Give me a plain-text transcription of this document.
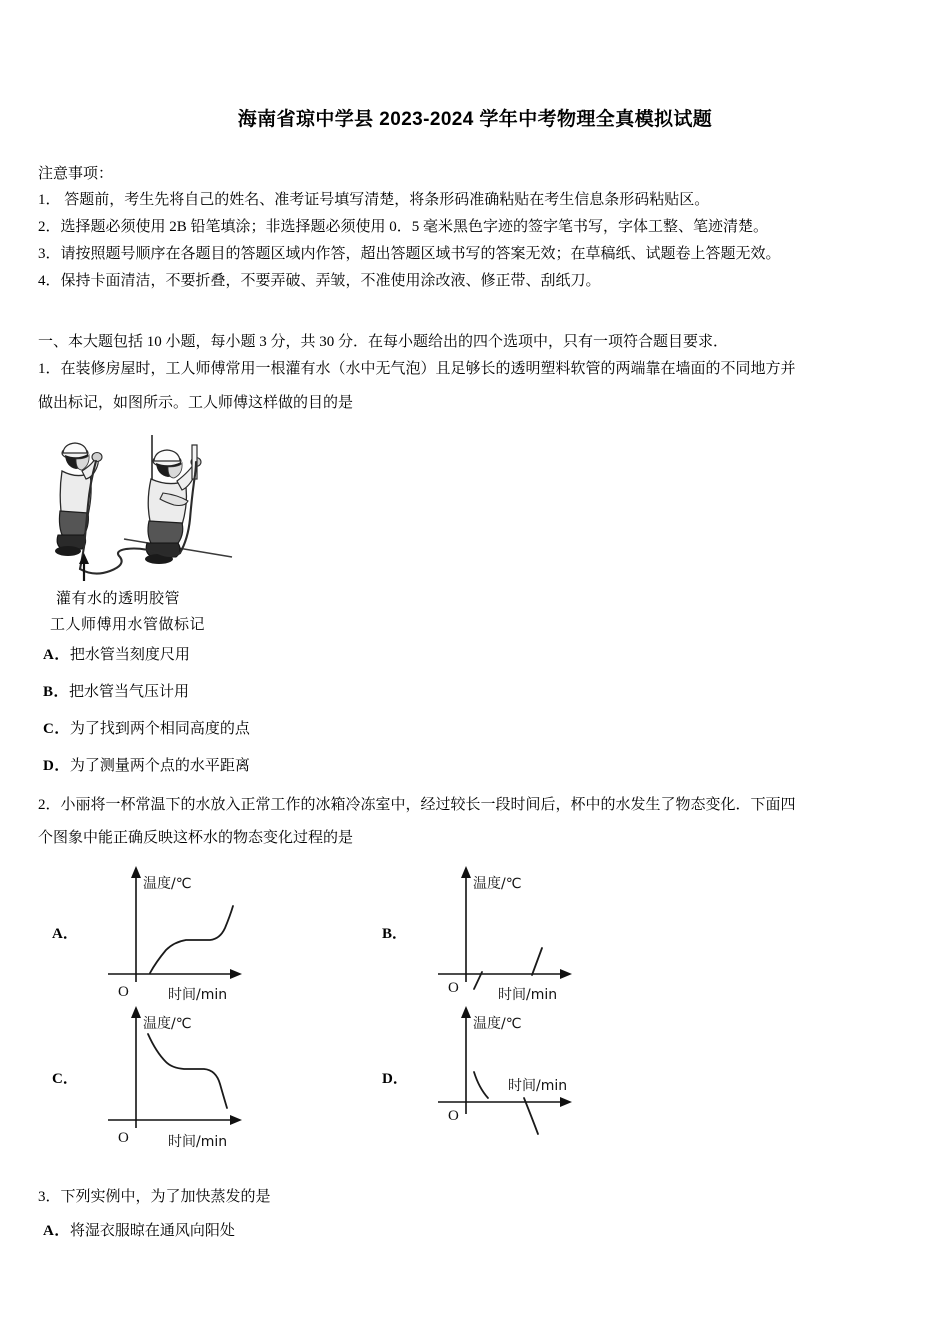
海南省琼中学县 2023-2024 学年中考物理全真模拟试题
注意事项：
1． 答题前，考生先将自己的姓名、准考证号填写清楚，将条形码准确粘贴在考生信息条形码粘贴区。
2．选择题必须使用 2B 铅笔填涂；非选择题必须使用 0．5 毫米黑色字迹的签字笔书写，字体工整、笔迹清楚。
3．请按照题号顺序在各题目的答题区域内作答，超出答题区域书写的答案无效；在草稿纸、试题卷上答题无效。
4．保持卡面清洁，不要折叠，不要弄破、弄皱，不准使用涂改液、修正带、刮纸刀。
一、本大题包括 10 小题，每小题 3 分，共 30 分．在每小题给出的四个选项中，只有一项符合题目要求．
1．在装修房屋时，工人师傅常用一根灌有水（水中无气泡）且足够长的透明塑料软管的两端靠在墙面的不同地方并
做出标记，如图所示。工人师傅这样做的目的是
灌有水的透明胶管
工人师傅用水管做标记
A．把水管当刻度尺用
B．把水管当气压计用
C．为了找到两个相同高度的点
D．为了测量两个点的水平距离
2．小丽将一杯常温下的水放入正常工作的冰箱冷冻室中，经过较长一段时间后，杯中的水发生了物态变化．下面四
个图象中能正确反映这杯水的物态变化过程的是
A．
温度/℃
O	时间/min
B．
温度/℃
O	时间/min
C．
温度/℃
O	时间/min
D．
温度/℃
O
时间/min
3．下列实例中，为了加快蒸发的是
A．将湿衣服晾在通风向阳处
